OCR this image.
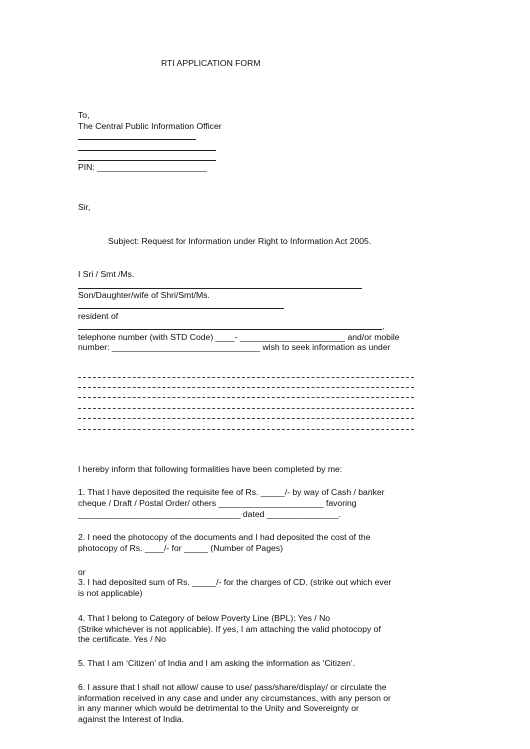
RTI APPLICATION FORM
To,
The Central Public Information Officer
PIN: _______________________
Sir,
Subject: Request for Information under Right to Information Act 2005.
I Sri / Smt /Ms.
Son/Daughter/wife of Shri/Smt/Ms.
resident of
,
telephone number (with STD Code) ____- ______________________ and/or mobile
number: _______________________________ wish to seek information as under
I hereby inform that following formalities have been completed by me:
1. That I have deposited the requisite fee of Rs. _____/- by way of Cash / banker
cheque / Draft / Postal Order/ others ______________________ favoring
__________________________________ dated _______________.
2. I need the photocopy of the documents and I had deposited the cost of the
photocopy of Rs. ____/- for _____ (Number of Pages)
or
3. I had deposited sum of Rs. _____/- for the charges of CD. (strike out which ever
is not applicable)
4. That I belong to Category of below Poverty Line (BPL): Yes / No
(Strike whichever is not applicable). If yes, I am attaching the valid photocopy of
the certificate. Yes / No
5. That I am ‘Citizen’ of India and I am asking the information as ‘Citizen’.
6. I assure that I shall not allow/ cause to use/ pass/share/display/ or circulate the
information received in any case and under any circumstances, with any person or
in any manner which would be detrimental to the Unity and Sovereignty or
against the Interest of India.
